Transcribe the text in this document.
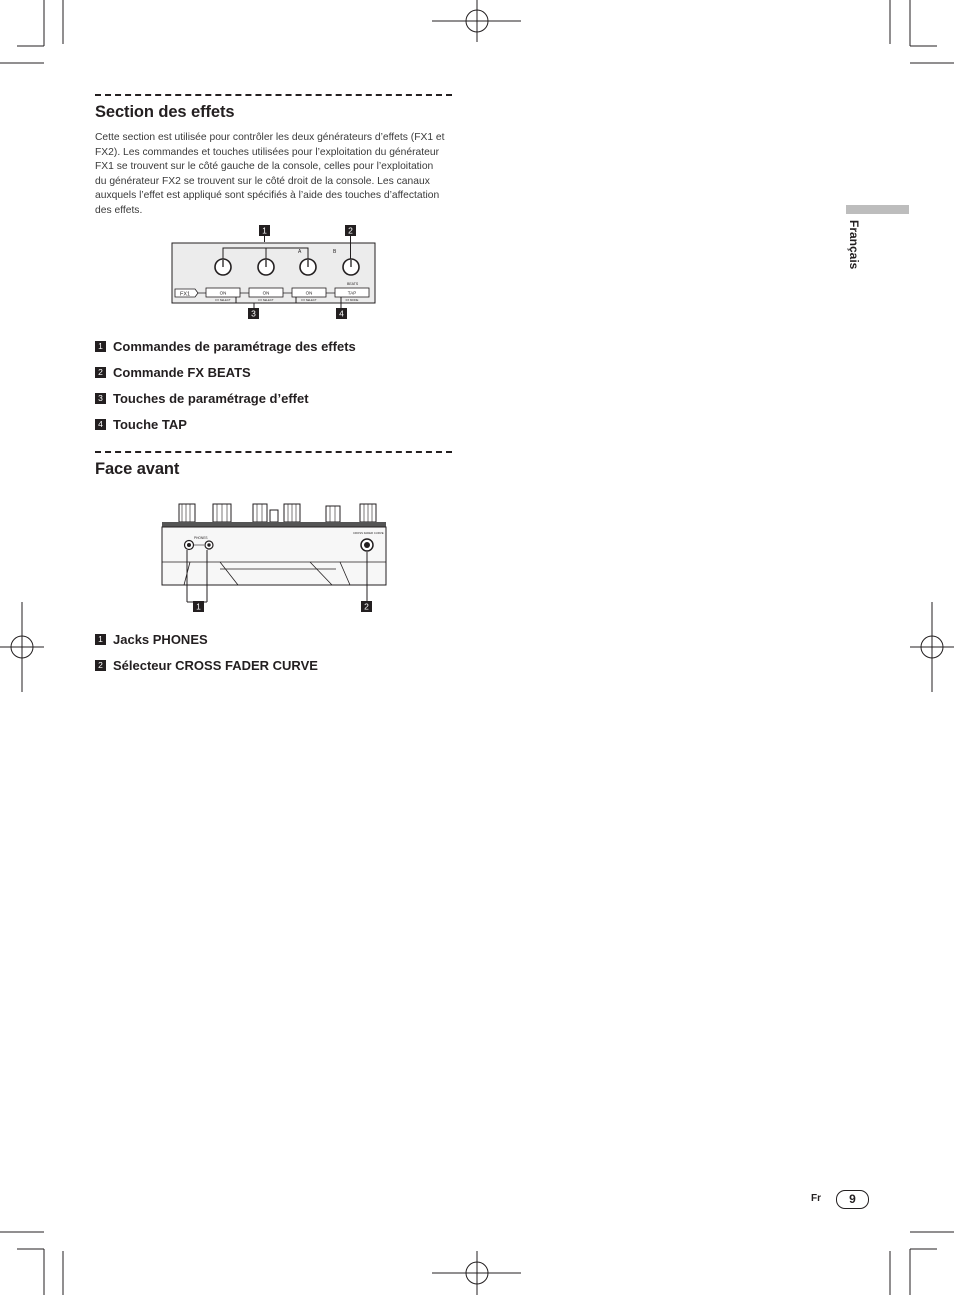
Section des effets

Cette section est utilisée pour contrôler les deux générateurs d’effets (FX1 et FX2). Les commandes et touches utilisées pour l’exploitation du générateur FX1 se trouvent sur le côté gauche de la console, celles pour l’exploitation du générateur FX2 se trouvent sur le côté droit de la console. Les canaux auxquels l’effet est appliqué sont spécifiés à l’aide des touches d’affectation des effets.

1	2
A	B
BEATS
FX1	ON	ON	ON	TAP
FX SELECT	FX SELECT	FX SELECT	FX MODE
3	4
1 Commandes de paramétrage des effets
2 Commande FX BEATS
3 Touches de paramétrage d’effet
4 Touche TAP
Face avant
PHONES
CROSS FADER CURVE
1	2
1 Jacks PHONES
2 Sélecteur CROSS FADER CURVE
Français
Fr	9
